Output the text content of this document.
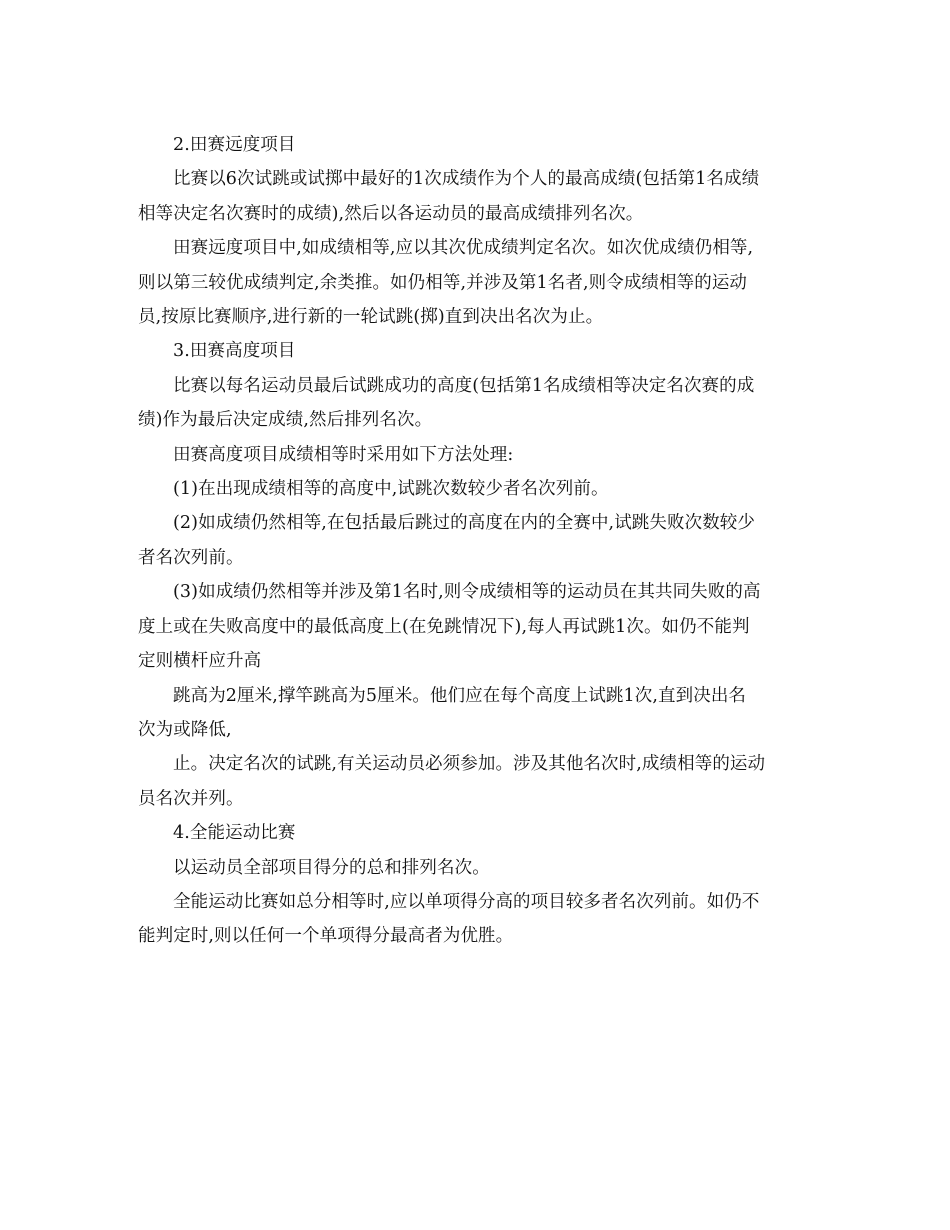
2.田赛远度项目

比赛以6次试跳或试掷中最好的1次成绩作为个人的最高成绩(包括第1名成绩

相等决定名次赛时的成绩),然后以各运动员的最高成绩排列名次。

田赛远度项目中,如成绩相等,应以其次优成绩判定名次。如次优成绩仍相等,

则以第三较优成绩判定,余类推。如仍相等,并涉及第1名者,则令成绩相等的运动

员,按原比赛顺序,进行新的一轮试跳(掷)直到决出名次为止。

3.田赛高度项目

比赛以每名运动员最后试跳成功的高度(包括第1名成绩相等决定名次赛的成

绩)作为最后决定成绩,然后排列名次。

田赛高度项目成绩相等时采用如下方法处理:

(1)在出现成绩相等的高度中,试跳次数较少者名次列前。

(2)如成绩仍然相等,在包括最后跳过的高度在内的全赛中,试跳失败次数较少

者名次列前。

(3)如成绩仍然相等并涉及第1名时,则令成绩相等的运动员在其共同失败的高

度上或在失败高度中的最低高度上(在免跳情况下),每人再试跳1次。如仍不能判

定则横杆应升高

跳高为2厘米,撑竿跳高为5厘米。他们应在每个高度上试跳1次,直到决出名

次为或降低,

止。决定名次的试跳,有关运动员必须参加。涉及其他名次时,成绩相等的运动

员名次并列。

4.全能运动比赛

以运动员全部项目得分的总和排列名次。

全能运动比赛如总分相等时,应以单项得分高的项目较多者名次列前。如仍不

能判定时,则以任何一个单项得分最高者为优胜。
